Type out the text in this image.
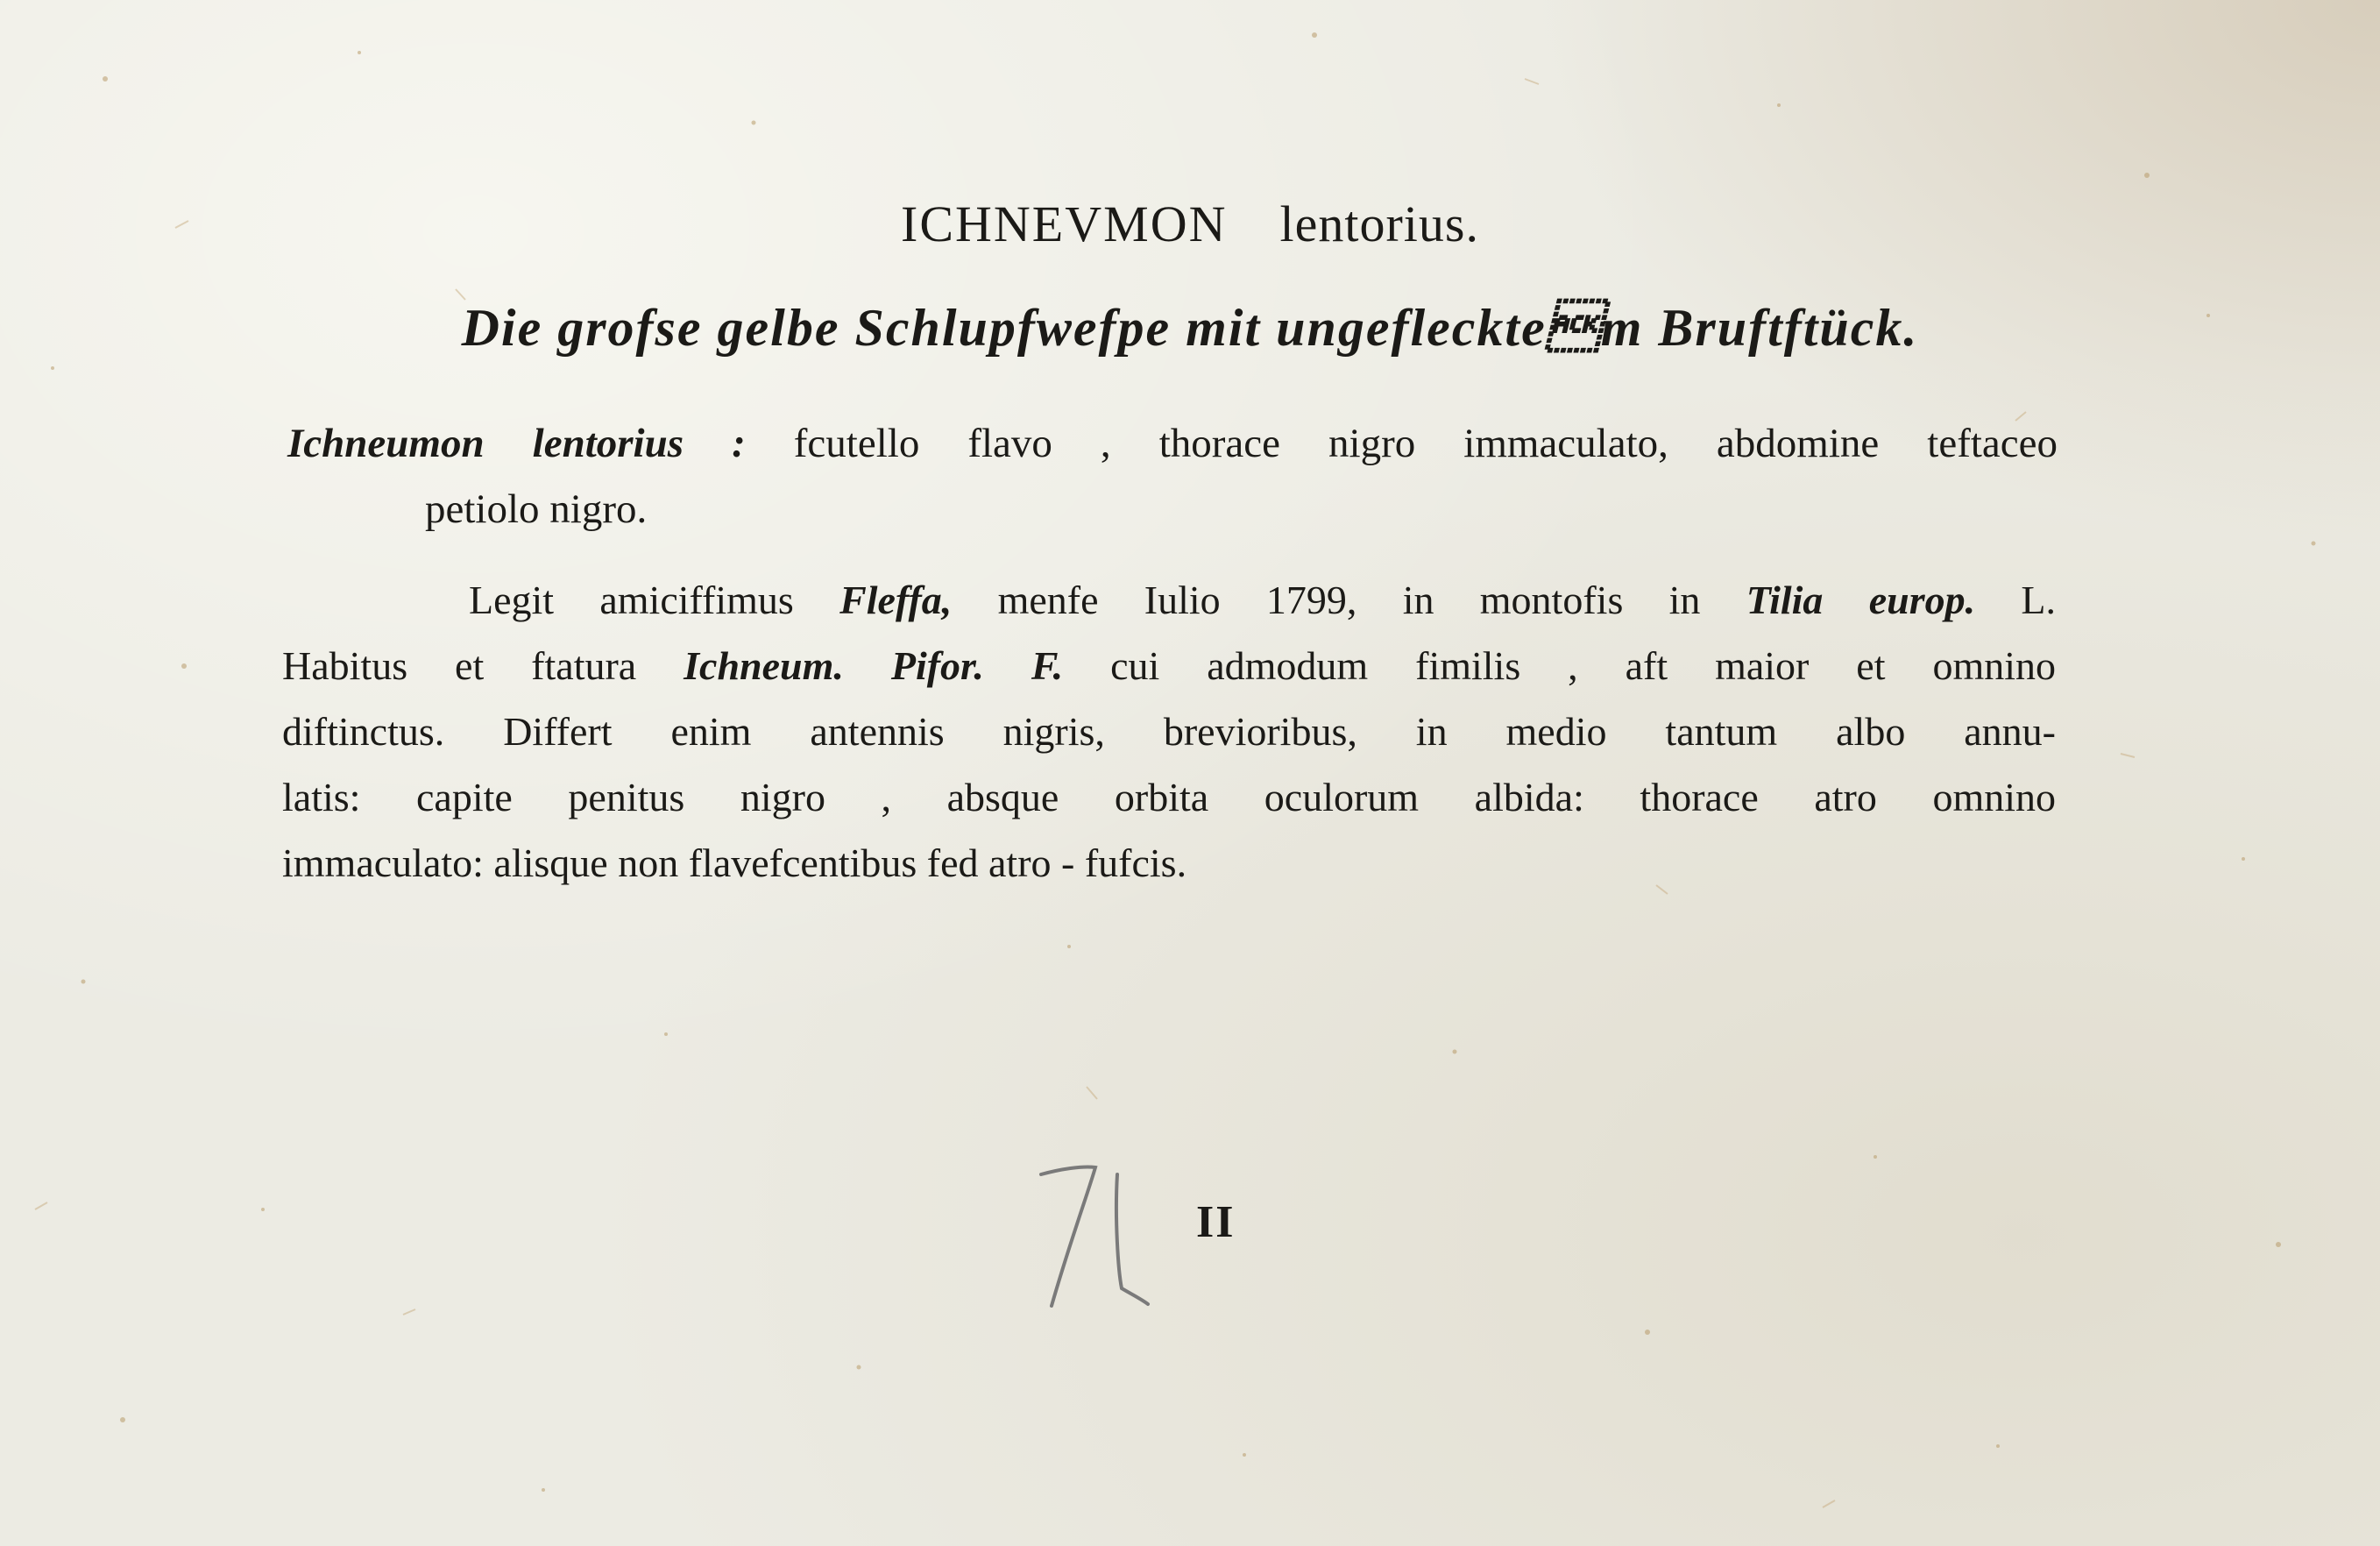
ICHNEVMON lentorius.
Die grofse gelbe Schlupfwefpe mit ungeflecktem Bruftftück.
Ichneumon lentorius : fcutello flavo , thorace nigro immaculato, abdomine teftaceo
petiolo nigro.
Legit amiciffimus Fleffa, menfe Iulio 1799, in montofis in Tilia europ. L.
Habitus et ftatura Ichneum. Pifor. F. cui admodum fimilis , aft maior et omnino
diftinctus. Differt enim antennis nigris, brevioribus, in medio tantum albo annu-
latis: capite penitus nigro , absque orbita oculorum albida: thorace atro omnino
immaculato: alisque non flavefcentibus fed atro - fufcis.
II
